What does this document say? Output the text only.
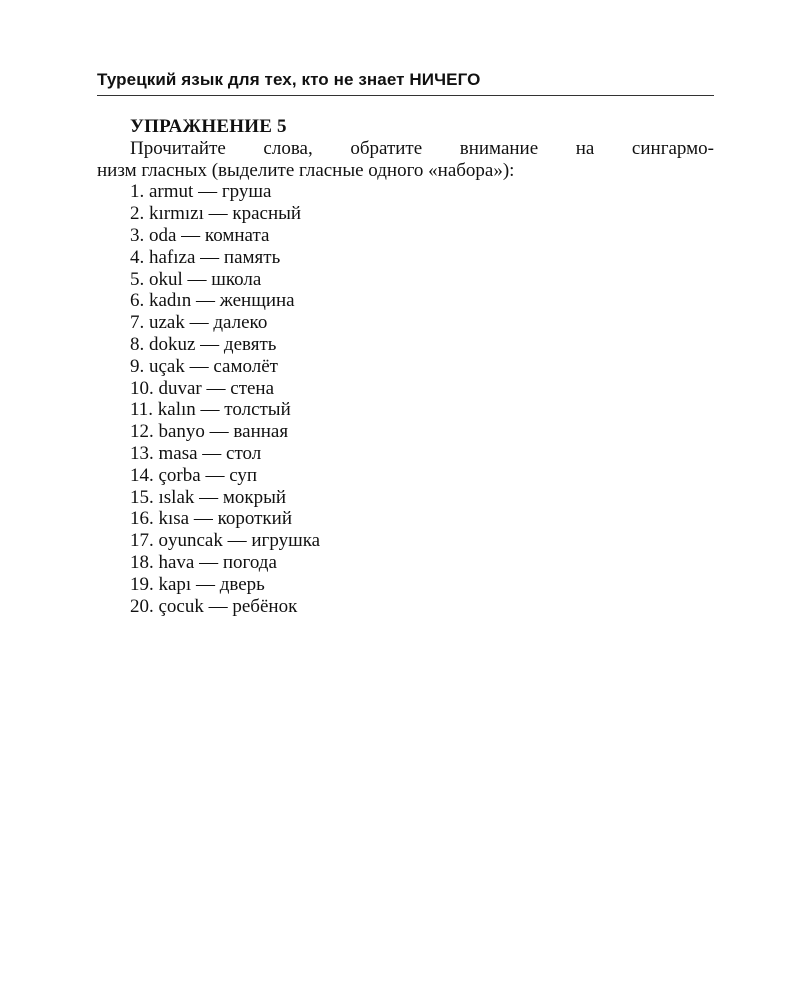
Турецкий язык для тех, кто не знает НИЧЕГО
УПРАЖНЕНИЕ 5

Прочитайте слова, обратите внимание на сингармо-
низм гласных (выделите гласные одного «набора»):

1. armut — груша
2. kırmızı — красный
3. oda — комната
4. hafıza — память
5. okul — школа
6. kadın — женщина
7. uzak — далеко
8. dokuz — девять
9. uçak — самолёт
10. duvar — стена
11. kalın — толстый
12. banyo — ванная
13. masa — стол
14. çorba — суп
15. ıslak — мокрый
16. kısa — короткий
17. oyuncak — игрушка
18. hava — погода
19. kapı — дверь
20. çocuk — ребёнок
